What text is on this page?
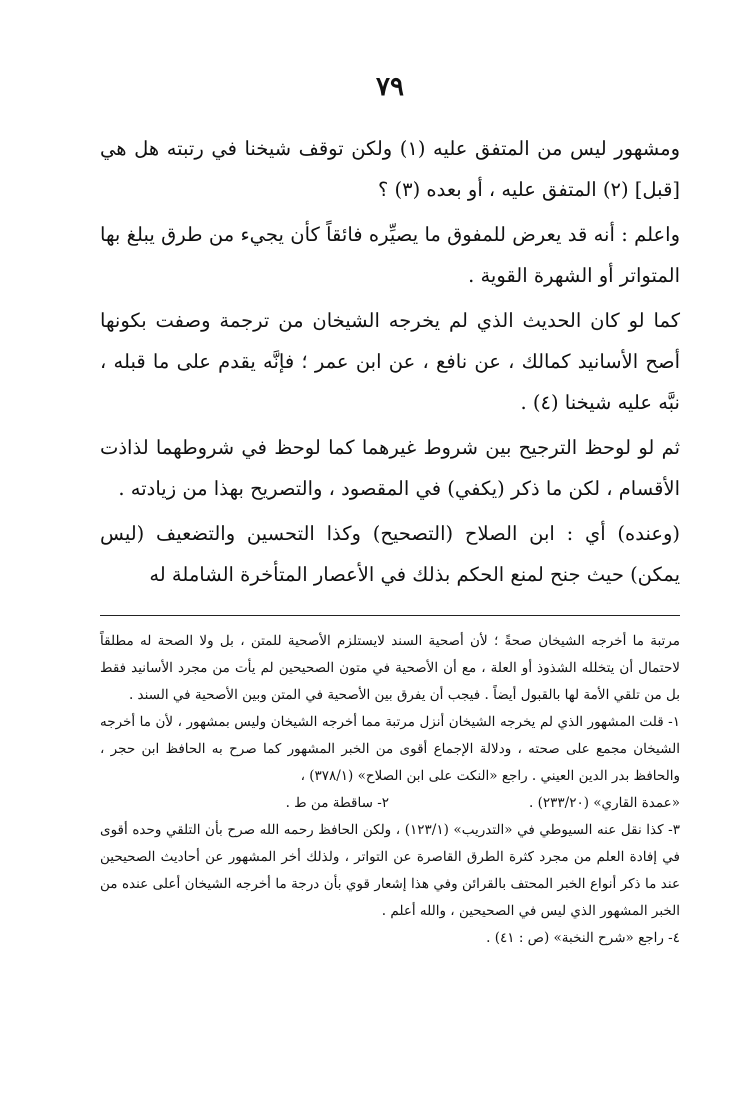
٧٩

ومشهور ليس من المتفق عليه (١) ولكن توقف شيخنا في رتبته هل هي [قبل] (٢) المتفق عليه ، أو بعده (٣) ؟

واعلم : أنه قد يعرض للمفوق ما يصيِّره فائقاً كأن يجيء من طرق يبلغ بها المتواتر أو الشهرة القوية .

كما لو كان الحديث الذي لم يخرجه الشيخان من ترجمة وصفت بكونها أصح الأسانيد كمالك ، عن نافع ، عن ابن عمر ؛ فإنَّه يقدم على ما قبله ، نبَّه عليه شيخنا (٤) .

ثم لو لوحظ الترجيح بين شروط غيرهما كما لوحظ في شروطهما لذاذت الأقسام ، لكن ما ذكر (يكفي) في المقصود ، والتصريح بهذا من زيادته .

(وعنده) أي : ابن الصلاح (التصحيح) وكذا التحسين والتضعيف (ليس يمكن) حيث جنح لمنع الحكم بذلك في الأعصار المتأخرة الشاملة له

مرتبة ما أخرجه الشيخان صحةً ؛ لأن أصحية السند لايستلزم الأصحية للمتن ، بل ولا الصحة له مطلقاً لاحتمال أن يتخلله الشذوذ أو العلة ، مع أن الأصحية في متون الصحيحين لم يأت من مجرد الأسانيد فقط بل من تلقي الأمة لها بالقبول أيضاً . فيجب أن يفرق بين الأصحية في المتن وبين الأصحية في السند .

١- قلت المشهور الذي لم يخرجه الشيخان أنزل مرتبة مما أخرجه الشيخان وليس بمشهور ، لأن ما أخرجه الشيخان مجمع على صحته ، ودلالة الإجماع أقوى من الخبر المشهور كما صرح به الحافظ ابن حجر ، والحافظ بدر الدين العيني . راجع «النكت على ابن الصلاح» (٣٧٨/١) ،

«عمدة القاري» (٢٣٣/٢٠) .

٢- ساقطة من ط .

٣- كذا نقل عنه السيوطي في «التدريب» (١٢٣/١) ، ولكن الحافظ رحمه الله صرح بأن التلقي وحده أقوى في إفادة العلم من مجرد كثرة الطرق القاصرة عن التواتر ، ولذلك أخر المشهور عن أحاديث الصحيحين عند ما ذكر أنواع الخبر المحتف بالقرائن وفي هذا إشعار قوي بأن درجة ما أخرجه الشيخان أعلى عنده من الخبر المشهور الذي ليس في الصحيحين ، والله أعلم .

٤- راجع «شرح النخبة» (ص : ٤١) .
